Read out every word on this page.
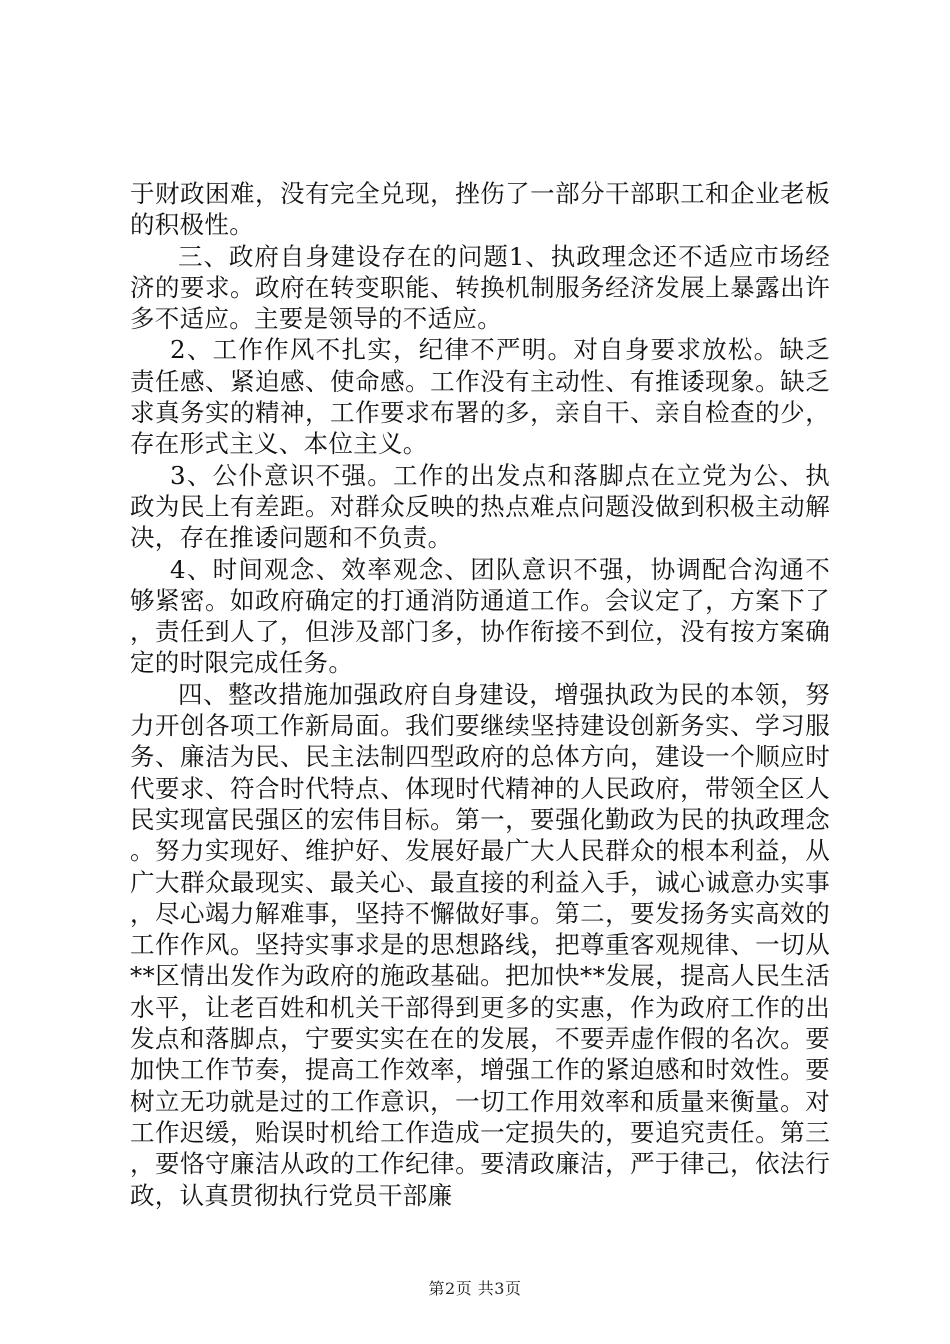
于财政困难，没有完全兑现，挫伤了一部分干部职工和企业老板的积极性。

三、政府自身建设存在的问题1、执政理念还不适应市场经济的要求。政府在转变职能、转换机制服务经济发展上暴露出许多不适应。主要是领导的不适应。

2、工作作风不扎实，纪律不严明。对自身要求放松。缺乏责任感、紧迫感、使命感。工作没有主动性、有推诿现象。缺乏求真务实的精神，工作要求布署的多，亲自干、亲自检查的少，存在形式主义、本位主义。

3、公仆意识不强。工作的出发点和落脚点在立党为公、执政为民上有差距。对群众反映的热点难点问题没做到积极主动解决，存在推诿问题和不负责。

4、时间观念、效率观念、团队意识不强，协调配合沟通不够紧密。如政府确定的打通消防通道工作。会议定了，方案下了，责任到人了，但涉及部门多，协作衔接不到位，没有按方案确定的时限完成任务。

四、整改措施加强政府自身建设，增强执政为民的本领，努力开创各项工作新局面。我们要继续坚持建设创新务实、学习服务、廉洁为民、民主法制四型政府的总体方向，建设一个顺应时代要求、符合时代特点、体现时代精神的人民政府，带领全区人民实现富民强区的宏伟目标。第一，要强化勤政为民的执政理念。努力实现好、维护好、发展好最广大人民群众的根本利益，从广大群众最现实、最关心、最直接的利益入手，诚心诚意办实事，尽心竭力解难事，坚持不懈做好事。第二，要发扬务实高效的工作作风。坚持实事求是的思想路线，把尊重客观规律、一切从**区情出发作为政府的施政基础。把加快**发展，提高人民生活水平，让老百姓和机关干部得到更多的实惠，作为政府工作的出发点和落脚点，宁要实实在在的发展，不要弄虚作假的名次。要加快工作节奏，提高工作效率，增强工作的紧迫感和时效性。要树立无功就是过的工作意识，一切工作用效率和质量来衡量。对工作迟缓，贻误时机给工作造成一定损失的，要追究责任。第三，要恪守廉洁从政的工作纪律。要清政廉洁，严于律己，依法行政，认真贯彻执行党员干部廉

第2页 共3页
